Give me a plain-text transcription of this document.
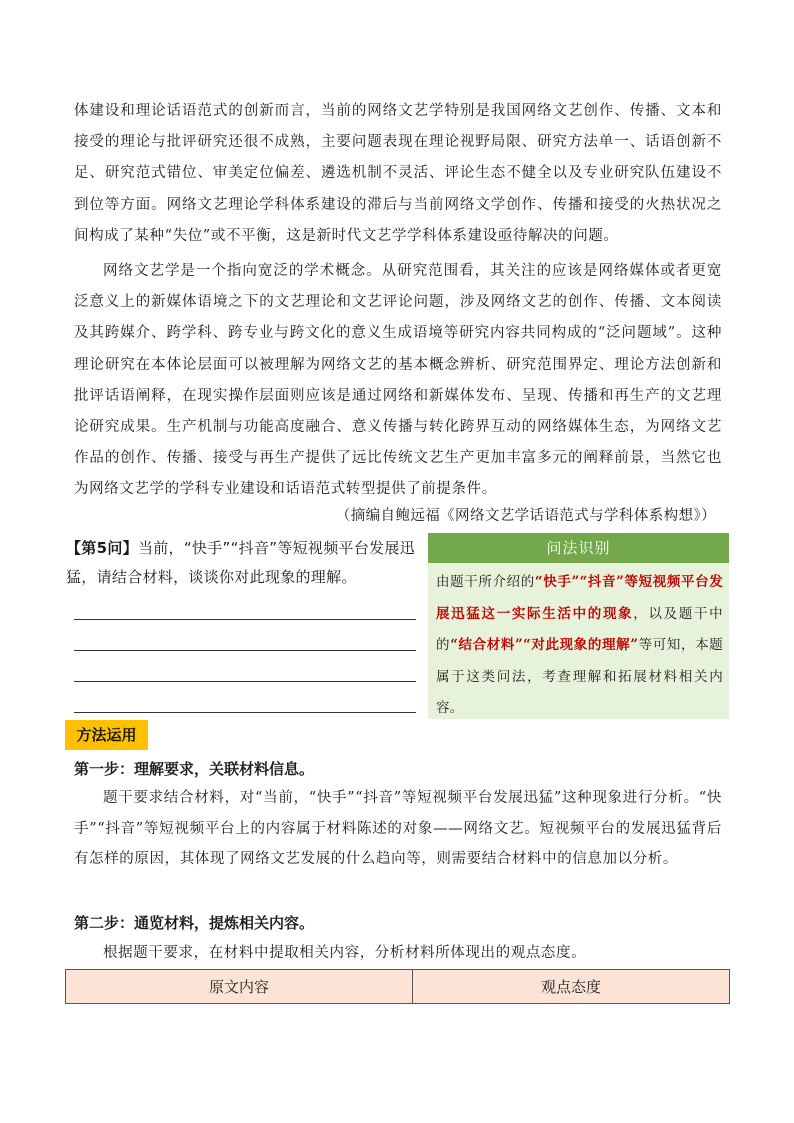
体建设和理论话语范式的创新而言，当前的网络文艺学特别是我国网络文艺创作、传播、文本和接受的理论与批评研究还很不成熟，主要问题表现在理论视野局限、研究方法单一、话语创新不足、研究范式错位、审美定位偏差、遴选机制不灵活、评论生态不健全以及专业研究队伍建设不到位等方面。网络文艺理论学科体系建设的滞后与当前网络文学创作、传播和接受的火热状况之间构成了某种“失位”或不平衡，这是新时代文艺学学科体系建设亟待解决的问题。

网络文艺学是一个指向宽泛的学术概念。从研究范围看，其关注的应该是网络媒体或者更宽泛意义上的新媒体语境之下的文艺理论和文艺评论问题，涉及网络文艺的创作、传播、文本阅读及其跨媒介、跨学科、跨专业与跨文化的意义生成语境等研究内容共同构成的“泛问题域”。这种理论研究在本体论层面可以被理解为网络文艺的基本概念辨析、研究范围界定、理论方法创新和批评话语阐释，在现实操作层面则应该是通过网络和新媒体发布、呈现、传播和再生产的文艺理论研究成果。生产机制与功能高度融合、意义传播与转化跨界互动的网络媒体生态，为网络文艺作品的创作、传播、接受与再生产提供了远比传统文艺生产更加丰富多元的阐释前景，当然它也为网络文艺学的学科专业建设和话语范式转型提供了前提条件。

（摘编自鲍远福《网络文艺学话语范式与学科体系构想》）

【第5问】当前，“快手”“抖音”等短视频平台发展迅猛，请结合材料，谈谈你对此现象的理解。

问法识别
由题干所介绍的“快手”“抖音”等短视频平台发展迅猛这一实际生活中的现象，以及题干中的“结合材料”“对此现象的理解”等可知，本题属于这类问法，考查理解和拓展材料相关内容。
方法运用
第一步：理解要求，关联材料信息。

题干要求结合材料，对“当前，“快手”“抖音”等短视频平台发展迅猛”这种现象进行分析。“快手”“抖音”等短视频平台上的内容属于材料陈述的对象——网络文艺。短视频平台的发展迅猛背后有怎样的原因，其体现了网络文艺发展的什么趋向等，则需要结合材料中的信息加以分析。

第二步：通览材料，提炼相关内容。

根据题干要求，在材料中提取相关内容，分析材料所体现出的观点态度。

原文内容	观点态度
